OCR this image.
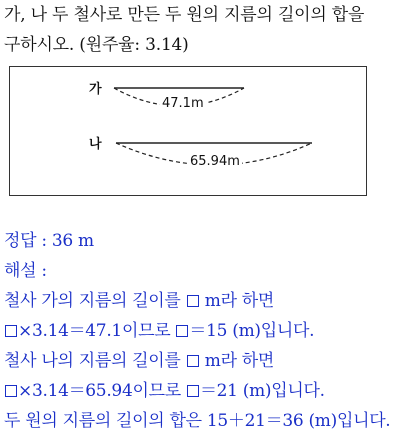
가, 나 두 철사로 만든 두 원의 지름의 길이의 합을
구하시오. (원주율: 3.14)
가
47.1m
나
65.94m
정답 : 36 m
해설 :
철사 가의 지름의 길이를  m라 하면
×3.14＝47.1이므로 ＝15 (m)입니다.
철사 나의 지름의 길이를  m라 하면
×3.14＝65.94이므로 ＝21 (m)입니다.
두 원의 지름의 길이의 합은 15＋21＝36 (m)입니다.
